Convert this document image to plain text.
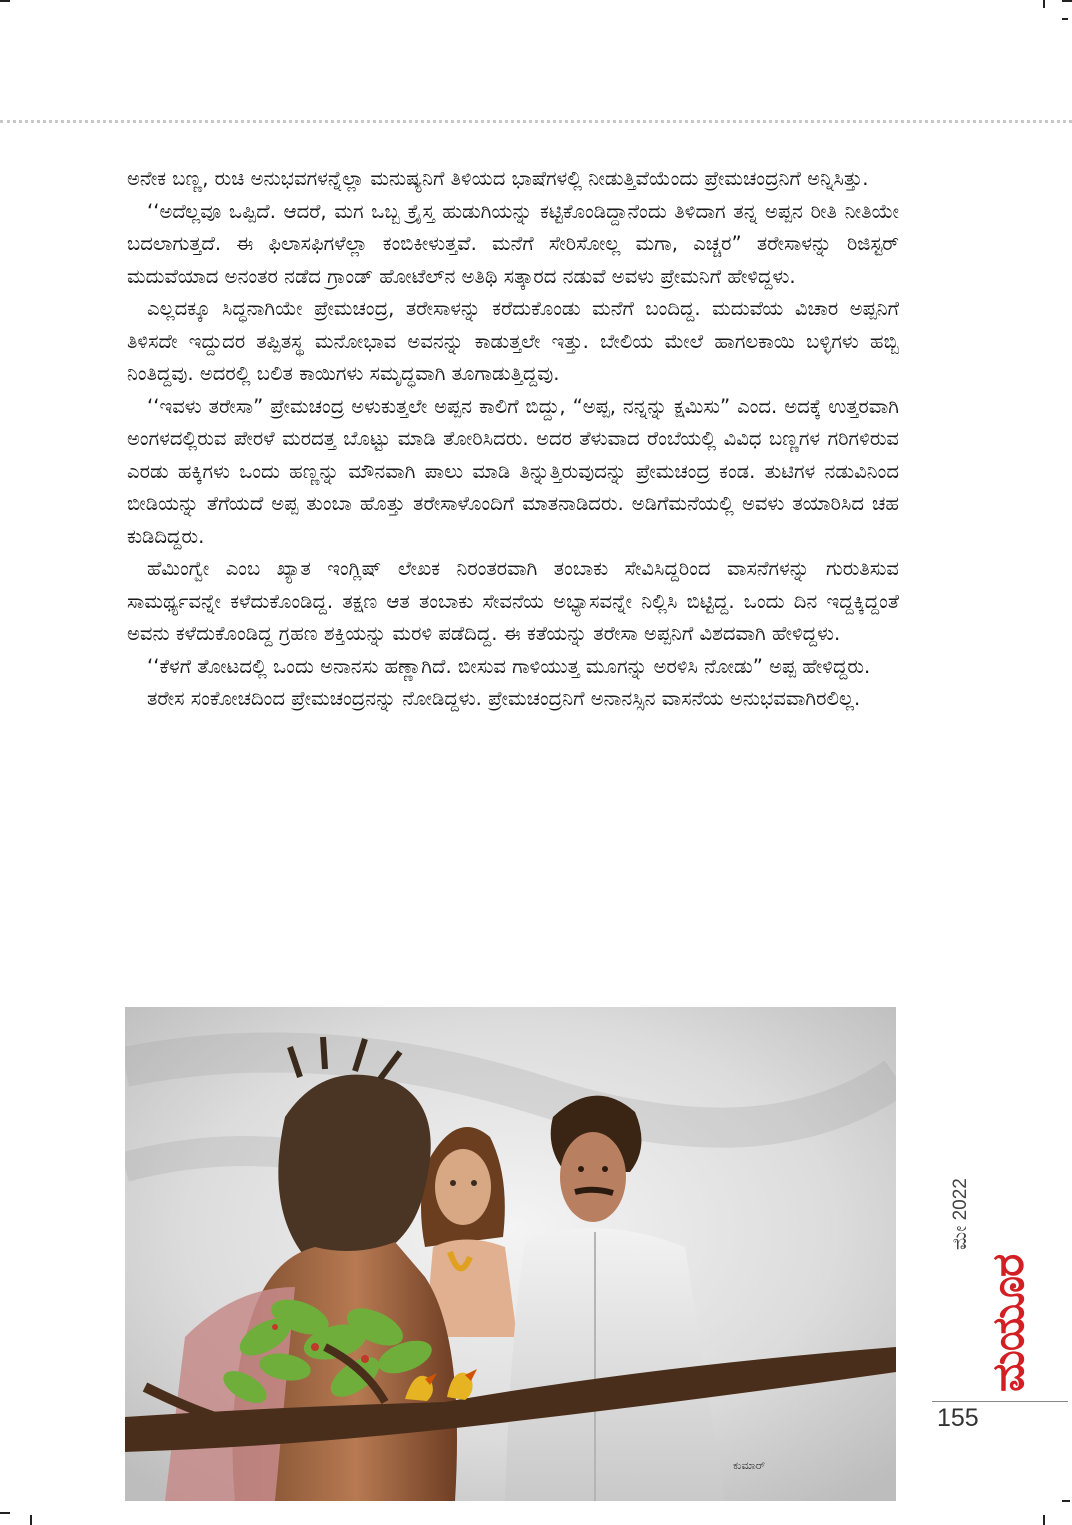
ಅನೇಕ ಬಣ್ಣ, ರುಚಿ ಅನುಭವಗಳನ್ನೆಲ್ಲಾ ಮನುಷ್ಯನಿಗೆ ತಿಳಿಯದ ಭಾಷೆಗಳಲ್ಲಿ ನೀಡುತ್ತಿವೆಯೆಂದು ಪ್ರೇಮಚಂದ್ರನಿಗೆ ಅನ್ನಿಸಿತ್ತು.

‘‘ಅದೆಲ್ಲವೂ ಒಪ್ಪಿದೆ. ಆದರೆ, ಮಗ ಒಬ್ಬ ಕ್ರೈಸ್ತ ಹುಡುಗಿಯನ್ನು ಕಟ್ಟಿಕೊಂಡಿದ್ದಾನೆಂದು ತಿಳಿದಾಗ ತನ್ನ ಅಪ್ಪನ ರೀತಿ ನೀತಿಯೇ ಬದಲಾಗುತ್ತದೆ. ಈ ಫಿಲಾಸಫಿಗಳೆಲ್ಲಾ ಕಂಬಿಕೀಳುತ್ತವೆ. ಮನೆಗೆ ಸೇರಿಸೋಲ್ಲ ಮಗಾ, ಎಚ್ಚರ” ತರೇಸಾಳನ್ನು ರಿಜಿಸ್ಟರ್ ಮದುವೆಯಾದ ಅನಂತರ ನಡೆದ ಗ್ರಾಂಡ್ ಹೋಟೆಲ್‌ನ ಅತಿಥಿ ಸತ್ಕಾರದ ನಡುವೆ ಅವಳು ಪ್ರೇಮನಿಗೆ ಹೇಳಿದ್ದಳು.

ಎಲ್ಲದಕ್ಕೂ ಸಿದ್ಧನಾಗಿಯೇ ಪ್ರೇಮಚಂದ್ರ, ತರೇಸಾಳನ್ನು ಕರೆದುಕೊಂಡು ಮನೆಗೆ ಬಂದಿದ್ದ. ಮದುವೆಯ ವಿಚಾರ ಅಪ್ಪನಿಗೆ ತಿಳಿಸದೇ ಇದ್ದುದರ ತಪ್ಪಿತಸ್ಥ ಮನೋಭಾವ ಅವನನ್ನು ಕಾಡುತ್ತಲೇ ಇತ್ತು. ಬೇಲಿಯ ಮೇಲೆ ಹಾಗಲಕಾಯಿ ಬಳ್ಳಿಗಳು ಹಬ್ಬಿ ನಿಂತಿದ್ದವು. ಅದರಲ್ಲಿ ಬಲಿತ ಕಾಯಿಗಳು ಸಮೃದ್ಧವಾಗಿ ತೂಗಾಡುತ್ತಿದ್ದವು.

‘‘ಇವಳು ತರೇಸಾ” ಪ್ರೇಮಚಂದ್ರ ಅಳುಕುತ್ತಲೇ ಅಪ್ಪನ ಕಾಲಿಗೆ ಬಿದ್ದು, “ಅಪ್ಪ, ನನ್ನನ್ನು ಕ್ಷಮಿಸು” ಎಂದ. ಅದಕ್ಕೆ ಉತ್ತರವಾಗಿ ಅಂಗಳದಲ್ಲಿರುವ ಪೇರಳೆ ಮರದತ್ತ ಬೊಟ್ಟು ಮಾಡಿ ತೋರಿಸಿದರು. ಅದರ ತೆಳುವಾದ ರೆಂಬೆಯಲ್ಲಿ ವಿವಿಧ ಬಣ್ಣಗಳ ಗರಿಗಳಿರುವ ಎರಡು ಹಕ್ಕಿಗಳು ಒಂದು ಹಣ್ಣನ್ನು ಮೌನವಾಗಿ ಪಾಲು ಮಾಡಿ ತಿನ್ನುತ್ತಿರುವುದನ್ನು ಪ್ರೇಮಚಂದ್ರ ಕಂಡ. ತುಟಿಗಳ ನಡುವಿನಿಂದ ಬೀಡಿಯನ್ನು ತೆಗೆಯದೆ ಅಪ್ಪ ತುಂಬಾ ಹೊತ್ತು ತರೇಸಾಳೊಂದಿಗೆ ಮಾತನಾಡಿದರು. ಅಡಿಗೆಮನೆಯಲ್ಲಿ ಅವಳು ತಯಾರಿಸಿದ ಚಹ ಕುಡಿದಿದ್ದರು.

ಹೆಮಿಂಗ್ವೇ ಎಂಬ ಖ್ಯಾತ ಇಂಗ್ಲಿಷ್ ಲೇಖಕ ನಿರಂತರವಾಗಿ ತಂಬಾಕು ಸೇವಿಸಿದ್ದರಿಂದ ವಾಸನೆಗಳನ್ನು ಗುರುತಿಸುವ ಸಾಮರ್ಥ್ಯವನ್ನೇ ಕಳೆದುಕೊಂಡಿದ್ದ. ತಕ್ಷಣ ಆತ ತಂಬಾಕು ಸೇವನೆಯ ಅಭ್ಯಾಸವನ್ನೇ ನಿಲ್ಲಿಸಿ ಬಿಟ್ಟಿದ್ದ. ಒಂದು ದಿನ ಇದ್ದಕ್ಕಿದ್ದಂತೆ ಅವನು ಕಳೆದುಕೊಂಡಿದ್ದ ಗ್ರಹಣ ಶಕ್ತಿಯನ್ನು ಮರಳಿ ಪಡೆದಿದ್ದ. ಈ ಕತೆಯನ್ನು ತರೇಸಾ ಅಪ್ಪನಿಗೆ ವಿಶದವಾಗಿ ಹೇಳಿದ್ದಳು.

‘‘ಕೆಳಗೆ ತೋಟದಲ್ಲಿ ಒಂದು ಅನಾನಸು ಹಣ್ಣಾಗಿದೆ. ಬೀಸುವ ಗಾಳಿಯುತ್ತ ಮೂಗನ್ನು ಅರಳಿಸಿ ನೋಡು” ಅಪ್ಪ ಹೇಳಿದ್ದರು.

ತರೇಸ ಸಂಕೋಚದಿಂದ ಪ್ರೇಮಚಂದ್ರನನ್ನು ನೋಡಿದ್ದಳು. ಪ್ರೇಮಚಂದ್ರನಿಗೆ ಅನಾನಸ್ಸಿನ ವಾಸನೆಯ ಅನುಭವವಾಗಿರಲಿಲ್ಲ.

ಕುಮಾರ್
ಮೇ 2022
ಮಯೂರ
155
